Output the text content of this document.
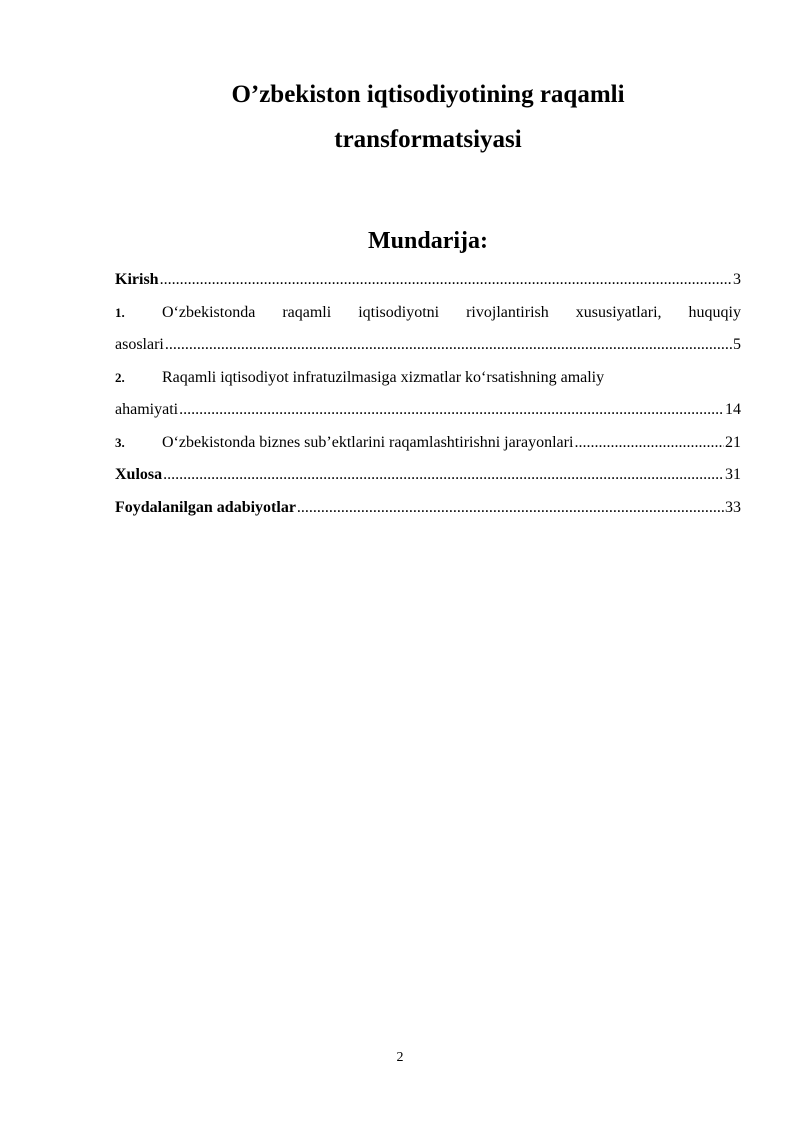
O’zbekiston iqtisodiyotining raqamli
transformatsiyasi
Mundarija:
Kirish .....	3
1.	O‘zbekistonda raqamli iqtisodiyotni rivojlantirish xususiyatlari, huquqiy
asoslari .....	5
2.	Raqamli iqtisodiyot infratuzilmasiga xizmatlar ko‘rsatishning amaliy
ahamiyati .....	14
3.	O‘zbekistonda biznes sub’ektlarini raqamlashtirishni jarayonlari .....	21
Xulosa .....	31
Foydalanilgan adabiyotlar .....	33
2
